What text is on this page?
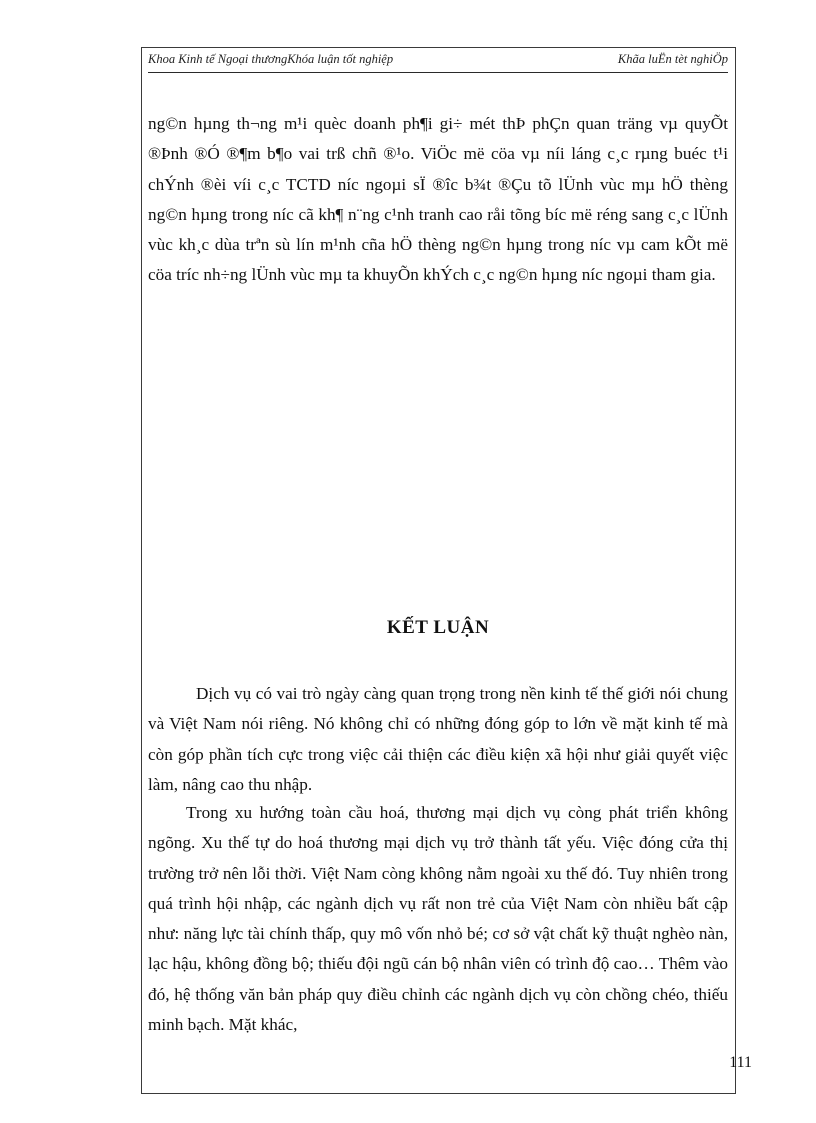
Khoa Kinh tế Ngoại thươngKhóa luận tốt nghiệp	Khãa luËn tèt nghiÖp

ng©n hµng th¬ng m¹i quèc doanh ph¶i gi÷ mét thÞ phÇn quan träng vµ quyÕt ®Þnh ®Ó ®¶m b¶o vai trß chñ ®¹o. ViÖc më cöa vµ níi láng c¸c rµng buéc t¹i chÝnh ®èi víi c¸c TCTD níc ngoµi sÏ ®îc b¾t ®Çu tõ lÜnh vùc mµ hÖ thèng ng©n hµng trong níc cã kh¶ n¨ng c¹nh tranh cao råi tõng bíc më réng sang c¸c lÜnh vùc kh¸c dùa trªn sù lín m¹nh cña hÖ thèng ng©n hµng trong níc vµ cam kÕt më cöa tríc nh÷ng lÜnh vùc mµ ta khuyÕn khÝch c¸c ng©n hµng níc ngoµi tham gia.

KẾT LUẬN

Dịch vụ có vai trò ngày càng quan trọng trong nền kinh tế thế giới nói chung và Việt Nam nói riêng. Nó không chỉ có những đóng góp to lớn về mặt kinh tế mà còn góp phần tích cực trong việc cải thiện các điều kiện xã hội như giải quyết việc làm, nâng cao thu nhập.

Trong xu hướng toàn cầu hoá, thương mại dịch vụ còng phát triển không ngõng. Xu thế tự do hoá thương mại dịch vụ trở thành tất yếu. Việc đóng cửa thị trường trở nên lỗi thời. Việt Nam còng không nằm ngoài xu thế đó. Tuy nhiên trong quá trình hội nhập, các ngành dịch vụ rất non trẻ của Việt Nam còn nhiều bất cập như: năng lực tài chính thấp, quy mô vốn nhỏ bé; cơ sở vật chất kỹ thuật nghèo nàn, lạc hậu, không đồng bộ; thiếu đội ngũ cán bộ nhân viên có trình độ cao… Thêm vào đó, hệ thống văn bản pháp quy điều chỉnh các ngành dịch vụ còn chồng chéo, thiếu minh bạch. Mặt khác,

111
